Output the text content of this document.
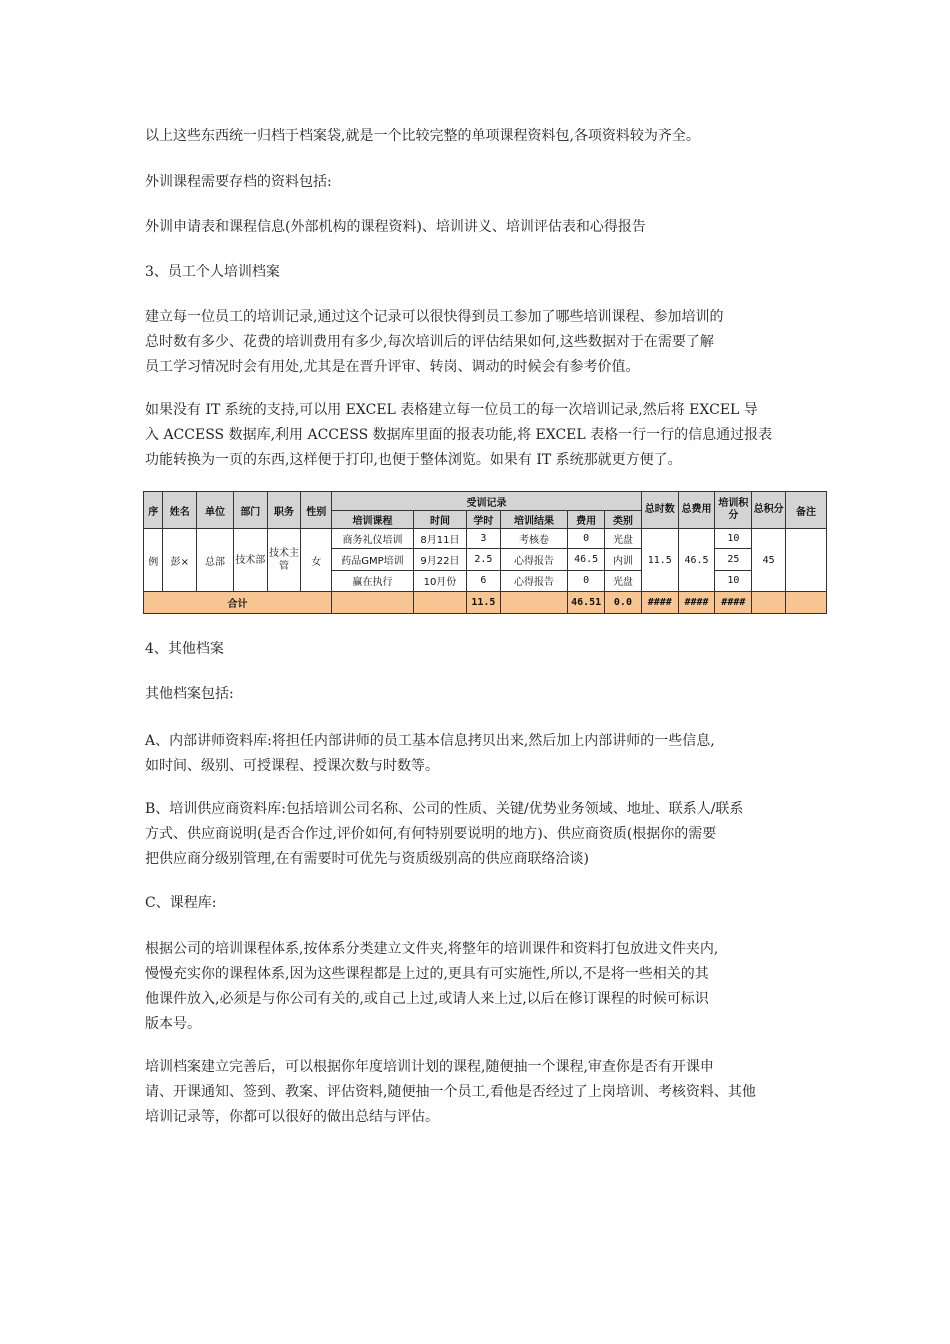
以上这些东西统一归档于档案袋,就是一个比较完整的单项课程资料包,各项资料较为齐全。

外训课程需要存档的资料包括:

外训申请表和课程信息(外部机构的课程资料)、培训讲义、培训评估表和心得报告

3、员工个人培训档案

建立每一位员工的培训记录,通过这个记录可以很快得到员工参加了哪些培训课程、参加培训的
总时数有多少、花费的培训费用有多少,每次培训后的评估结果如何,这些数据对于在需要了解
员工学习情况时会有用处,尤其是在晋升评审、转岗、调动的时候会有参考价值。

如果没有 IT 系统的支持,可以用 EXCEL 表格建立每一位员工的每一次培训记录,然后将 EXCEL 导
入 ACCESS 数据库,利用 ACCESS 数据库里面的报表功能,将 EXCEL 表格一行一行的信息通过报表
功能转换为一页的东西,这样便于打印,也便于整体浏览。如果有 IT 系统那就更方便了。

序	姓名	单位	部门	职务	性别	受训记录						总时数	总费用	培训积分	总积分	备注
						培训课程	时间	学时	培训结果	费用	类别					
例	彭×	总部	技术部	技术主管	女	商务礼仪培训	8月11日	3	考核卷	0	光盘	11.5	46.5	10	45	
						药品GMP培训	9月22日	2.5	心得报告	46.5	内训			25		
						赢在执行	10月份	6	心得报告	0	光盘			10		
合计								11.5		46.51	0.0	####	####	####		

4、其他档案

其他档案包括:

A、内部讲师资料库:将担任内部讲师的员工基本信息拷贝出来,然后加上内部讲师的一些信息,
如时间、级别、可授课程、授课次数与时数等。

B、培训供应商资料库:包括培训公司名称、公司的性质、关键/优势业务领域、地址、联系人/联系
方式、供应商说明(是否合作过,评价如何,有何特别要说明的地方)、供应商资质(根据你的需要
把供应商分级别管理,在有需要时可优先与资质级别高的供应商联络洽谈)

C、课程库:

根据公司的培训课程体系,按体系分类建立文件夹,将整年的培训课件和资料打包放进文件夹内,
慢慢充实你的课程体系,因为这些课程都是上过的,更具有可实施性,所以,不是将一些相关的其
他课件放入,必须是与你公司有关的,或自己上过,或请人来上过,以后在修订课程的时候可标识
版本号。

培训档案建立完善后，可以根据你年度培训计划的课程,随便抽一个课程,审查你是否有开课申
请、开课通知、签到、教案、评估资料,随便抽一个员工,看他是否经过了上岗培训、考核资料、其他
培训记录等，你都可以很好的做出总结与评估。
